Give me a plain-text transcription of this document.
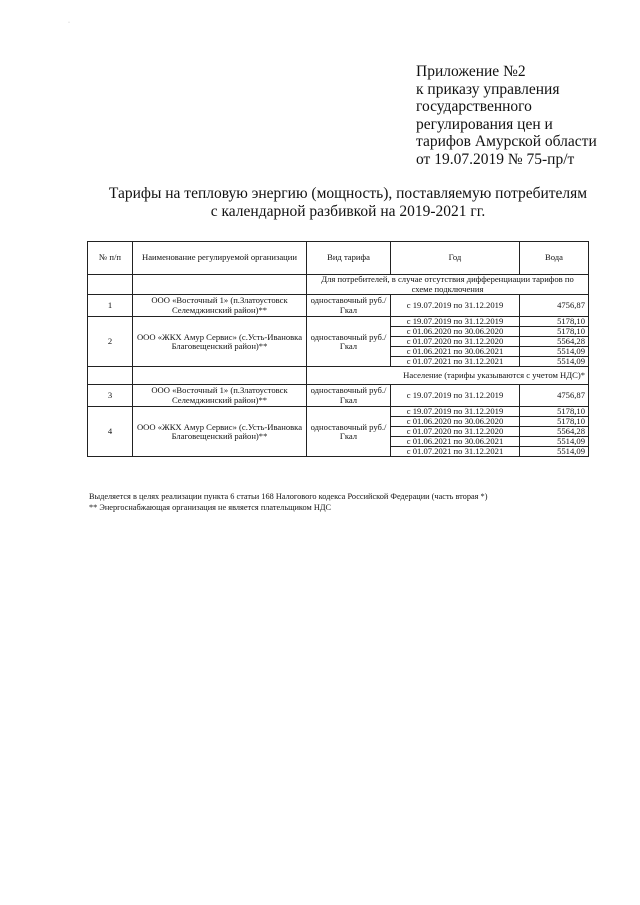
·
Приложение №2
к приказу управления
государственного
регулирования цен и
тарифов Амурской области
от 19.07.2019 № 75-пр/т
Тарифы на тепловую энергию (мощность), поставляемую потребителям
с календарной разбивкой на 2019-2021 гг.
№ п/п	Наименование регулируемой организации	Вид тарифа	Год	Вода
		Для потребителей, в случае отсутствия дифференциации тарифов по схеме подключения		
1	ООО «Восточный 1» (п.Златоустовск Селемджинский район)**	одноставочный руб./Гкал	с 19.07.2019 по 31.12.2019	4756,87
2	ООО «ЖКХ Амур Сервис» (с.Усть-Ивановка Благовещенский район)**	одноставочный руб./Гкал	с 19.07.2019 по 31.12.2019	5178,10
			с 01.06.2020 по 30.06.2020	5178,10
			с 01.07.2020 по 31.12.2020	5564,28
			с 01.06.2021 по 30.06.2021	5514,09
			с 01.07.2021 по 31.12.2021	5514,09
		Население (тарифы указываются с учетом НДС)*		
3	ООО «Восточный 1» (п.Златоустовск Селемджинский район)**	одноставочный руб./Гкал	с 19.07.2019 по 31.12.2019	4756,87
4	ООО «ЖКХ Амур Сервис» (с.Усть-Ивановка Благовещенский район)**	одноставочный руб./Гкал	с 19.07.2019 по 31.12.2019	5178,10
			с 01.06.2020 по 30.06.2020	5178,10
			с 01.07.2020 по 31.12.2020	5564,28
			с 01.06.2021 по 30.06.2021	5514,09
			с 01.07.2021 по 31.12.2021	5514,09
Выделяется в целях реализации пункта 6 статьи 168 Налогового кодекса Российской Федерации (часть вторая *)
** Энергоснабжающая организация не является плательщиком НДС
